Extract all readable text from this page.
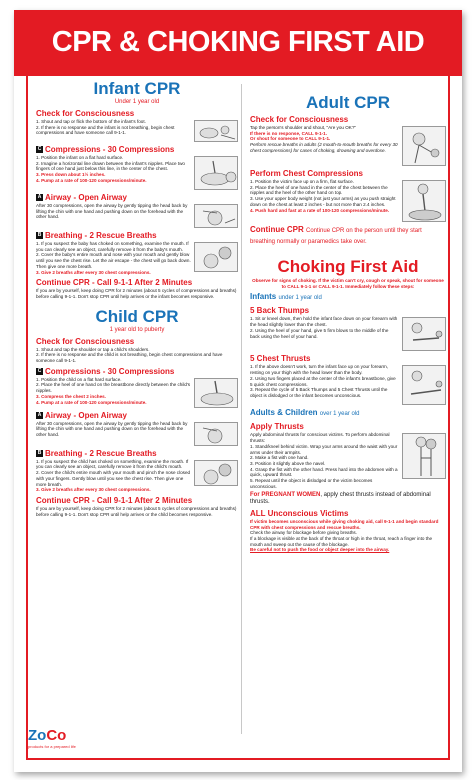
CPR & CHOKING FIRST AID

Infant CPR

Under 1 year old

Check for Consciousness

1. Shout and tap or flick the bottom of the infant's foot.

2. If there is no response and the infant is not breathing, begin chest compressions and have someone call 9-1-1.

C Compressions - 30 Compressions

1. Position the infant on a flat hard surface.

2. Imagine a horizontal line drawn between the infant's nipples. Place two fingers of one hand just below this line, in the center of the chest.

3. Press down about 1½ inches.

4. Pump at a rate of 100-120 compressions/minute.

A Airway - Open Airway

After 30 compressions, open the airway by gently tipping the head back by lifting the chin with one hand and pushing down on the forehead with the other hand.

B Breathing - 2 Rescue Breaths

1. If you suspect the baby has choked on something, examine the mouth. If you can clearly see an object, carefully remove it from the baby's mouth.

2. Cover the baby's entire mouth and nose with your mouth and gently blow until you see the chest rise. Let the air escape - the chest will go back down. Then give one more breath.

3. Give 2 breaths after every 30 chest compressions.

Continue CPR - Call 9-1-1 After 2 Minutes

If you are by yourself, keep doing CPR for 2 minutes (about 5 cycles of compressions and breaths) before calling 9-1-1. Don't stop CPR until help arrives or the infant becomes responsive.

Child CPR

1 year old to puberty

Check for Consciousness

1. Shout and tap the shoulder or tap a child's shoulders.

2. If there is no response and the child is not breathing, begin chest compressions and have someone call 9-1-1.

C Compressions - 30 Compressions

1. Position the child on a flat hard surface.

2. Place the heel of one hand on the breastbone directly between the child's nipples.

3. Compress the chest 2 inches.

4. Pump at a rate of 100-120 compressions/minute.

A Airway - Open Airway

After 30 compressions, open the airway by gently tipping the head back by lifting the chin with one hand and pushing down on the forehead with the other hand.

B Breathing - 2 Rescue Breaths

1. If you suspect the child has choked on something, examine the mouth. If you can clearly see an object, carefully remove it from the child's mouth.

2. Cover the child's entire mouth with your mouth and pinch the nose closed with your fingers. Gently blow until you see the chest rise. Then give one more breath.

3. Give 2 breaths after every 30 chest compressions.

Continue CPR - Call 9-1-1 After 2 Minutes

If you are by yourself, keep doing CPR for 2 minutes (about 5 cycles of compressions and breaths) before calling 9-1-1. Don't stop CPR until help arrives or the child becomes responsive.

Adult CPR

Check for Consciousness

Tap the person's shoulder and shout, "Are you OK?"

If there is no response, CALL 9-1-1.

Or shout for someone to CALL 9-1-1.

Perform rescue breaths in adults (2 mouth-to-mouth breaths for every 30 chest compressions) for cases of choking, drowning and overdose.

Perform Chest Compressions

1. Position the victim face up on a firm, flat surface.

2. Place the heel of one hand in the center of the chest between the nipples and the heel of the other hand on top.

3. Use your upper body weight (not just your arms) as you push straight down on the chest at least 2 inches - but not more than 2.4 inches.

4. Push hard and fast at a rate of 100-120 compressions/minute.

Continue CPR Continue CPR on the person until they start breathing normally or paramedics take over.

Choking First Aid

Observe for signs of choking. If the victim can't cry, cough or speak, shout for someone to CALL 9-1-1 or CALL 9-1-1. Immediately follow these steps:

Infants under 1 year old

5 Back Thumps

1. Sit or kneel down, then hold the infant face down on your forearm with the head slightly lower than the chest.

2. Using the heel of your hand, give 5 firm blows to the middle of the back using the heel of your hand.

5 Chest Thrusts

1. If the above doesn't work, turn the infant face up on your forearm, resting on your thigh with the head lower than the body.

2. Using two fingers placed at the center of the infant's breastbone, give 5 quick chest compressions.

3. Repeat the cycle of 5 Back Thumps and 5 Chest Thrusts until the object is dislodged or the infant becomes unconscious.

Adults & Children over 1 year old

Apply Thrusts

Apply abdominal thrusts for conscious victims. To perform abdominal thrusts:

1. Stand/kneel behind victim. Wrap your arms around the waist with your arms under their armpits.

2. Make a fist with one hand.

3. Position it slightly above the navel.

4. Grasp the fist with the other hand. Press hard into the abdomen with a quick, upward thrust.

5. Repeat until the object is dislodged or the victim becomes unconscious.

For PREGNANT WOMEN, apply chest thrusts instead of abdominal thrusts.

ALL Unconscious Victims

If victim becomes unconscious while giving choking aid, call 9-1-1 and begin standard CPR with chest compressions and rescue breaths.

Check the airway for blockage before giving breaths.

If a blockage is visible at the back of the throat or high in the throat, reach a finger into the mouth and sweep out the cause of the blockage.

Be careful not to push the food or object deeper into the airway.

ZoCo
products for a prepared life
